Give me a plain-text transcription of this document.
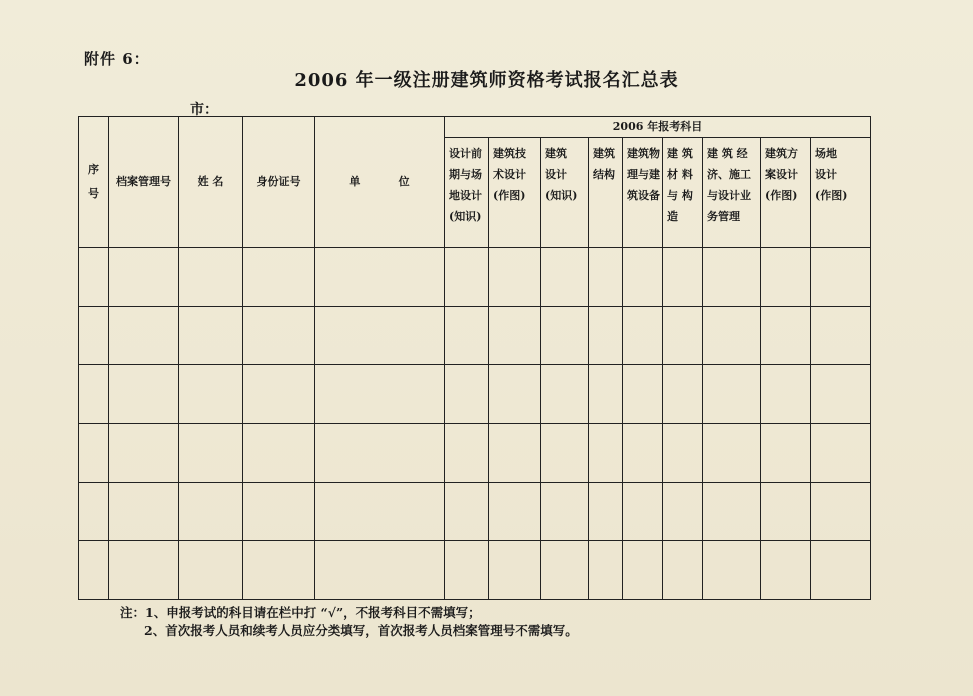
附件 6：
2006 年一级注册建筑师资格考试报名汇总表
市：
序
号	档案管理号	姓 名	身份证号	单          位	2006 年报考科目								
					设计前
期与场
地设计
(知识)	建筑技
术设计
(作图)	建筑
设计
(知识)	建筑
结构	建筑物
理与建
筑设备	建 筑
材 料
与 构
造	建 筑 经
济、施工
与设计业
务管理	建筑方
案设计
(作图)	场地
设计
(作图)

注：1、申报考试的科目请在栏中打 “√”，不报考科目不需填写；
2、首次报考人员和续考人员应分类填写，首次报考人员档案管理号不需填写。
